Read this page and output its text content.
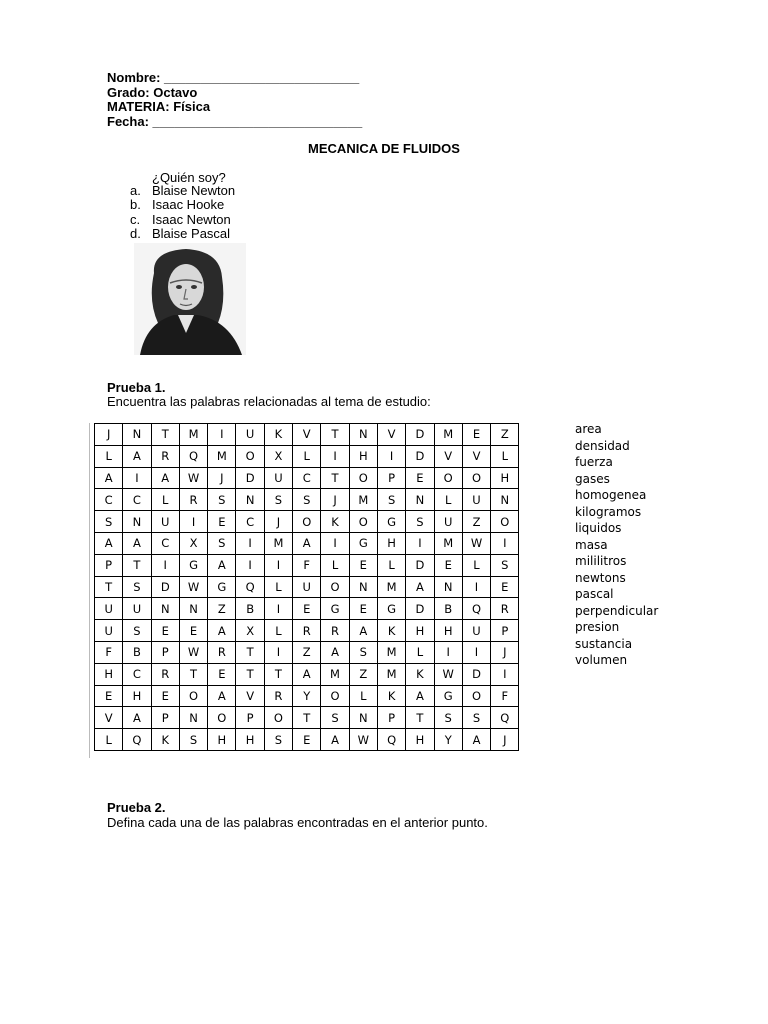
Nombre: ___________________________
Grado: Octavo
MATERIA: Física
Fecha: _____________________________
MECANICA DE FLUIDOS
¿Quién soy?
a. Blaise Newton
b. Isaac Hooke
c. Isaac Newton
d. Blaise Pascal
Prueba 1.
Encuentra las palabras relacionadas al tema de estudio:
J	N	T	M	I	U	K	V	T	N	V	D	M	E	Z
L	A	R	Q	M	O	X	L	I	H	I	D	V	V	L
A	I	A	W	J	D	U	C	T	O	P	E	O	O	H
C	C	L	R	S	N	S	S	J	M	S	N	L	U	N
S	N	U	I	E	C	J	O	K	O	G	S	U	Z	O
A	A	C	X	S	I	M	A	I	G	H	I	M	W	I
P	T	I	G	A	I	I	F	L	E	L	D	E	L	S
T	S	D	W	G	Q	L	U	O	N	M	A	N	I	E
U	U	N	N	Z	B	I	E	G	E	G	D	B	Q	R
U	S	E	E	A	X	L	R	R	A	K	H	H	U	P
F	B	P	W	R	T	I	Z	A	S	M	L	I	I	J
H	C	R	T	E	T	T	A	M	Z	M	K	W	D	I
E	H	E	O	A	V	R	Y	O	L	K	A	G	O	F
V	A	P	N	O	P	O	T	S	N	P	T	S	S	Q
L	Q	K	S	H	H	S	E	A	W	Q	H	Y	A	J
area
densidad
fuerza
gases
homogenea
kilogramos
liquidos
masa
mililitros
newtons
pascal
perpendicular
presion
sustancia
volumen
Prueba 2.
Defina cada una de las palabras encontradas en el anterior punto.
